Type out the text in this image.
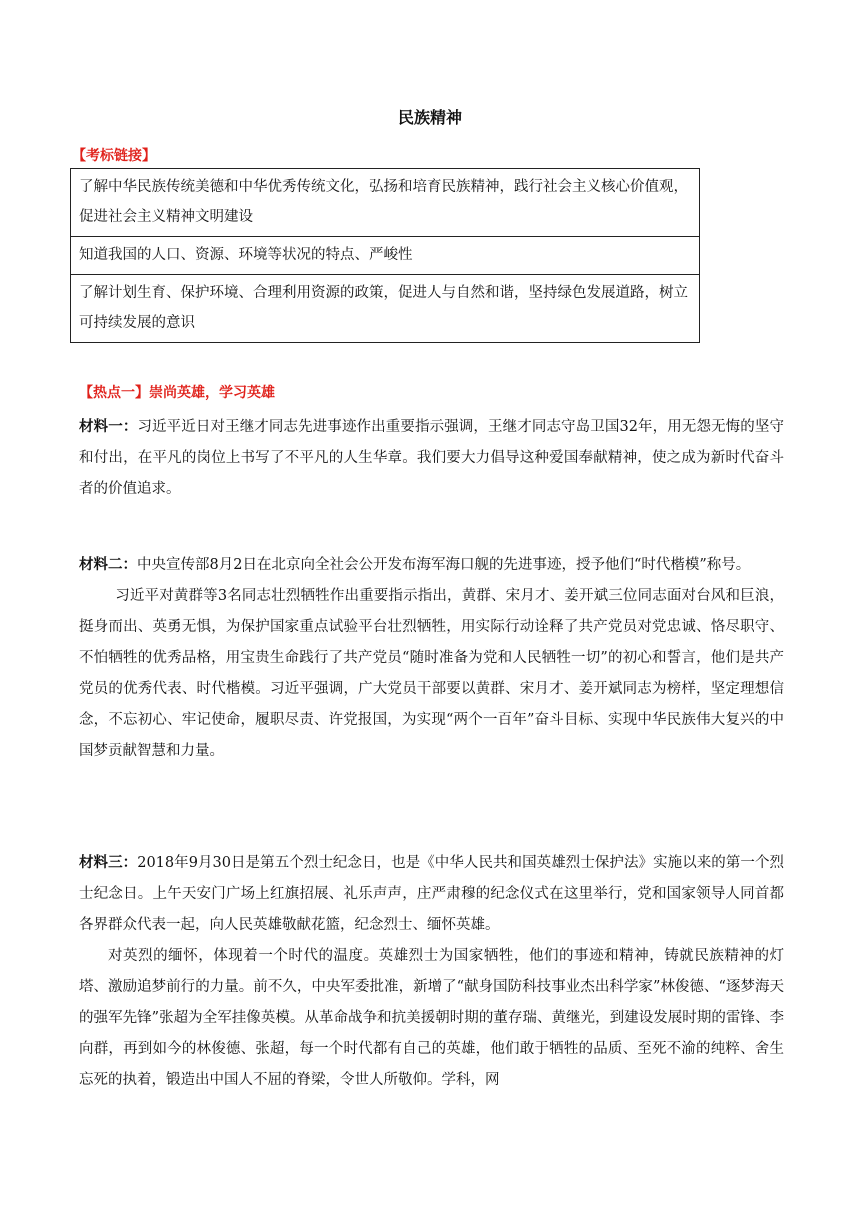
民族精神
【考标链接】
了解中华民族传统美德和中华优秀传统文化，弘扬和培育民族精神，践行社会主义核心价值观，促进社会主义精神文明建设
知道我国的人口、资源、环境等状况的特点、严峻性
了解计划生育、保护环境、合理利用资源的政策，促进人与自然和谐，坚持绿色发展道路，树立可持续发展的意识
【热点一】崇尚英雄，学习英雄

材料一：习近平近日对王继才同志先进事迹作出重要指示强调，王继才同志守岛卫国32年，用无怨无悔的坚守和付出，在平凡的岗位上书写了不平凡的人生华章。我们要大力倡导这种爱国奉献精神，使之成为新时代奋斗者的价值追求。

材料二：中央宣传部8月2日在北京向全社会公开发布海军海口舰的先进事迹，授予他们“时代楷模”称号。

习近平对黄群等3名同志壮烈牺牲作出重要指示指出，黄群、宋月才、姜开斌三位同志面对台风和巨浪，挺身而出、英勇无惧，为保护国家重点试验平台壮烈牺牲，用实际行动诠释了共产党员对党忠诚、恪尽职守、不怕牺牲的优秀品格，用宝贵生命践行了共产党员“随时准备为党和人民牺牲一切”的初心和誓言，他们是共产党员的优秀代表、时代楷模。习近平强调，广大党员干部要以黄群、宋月才、姜开斌同志为榜样，坚定理想信念，不忘初心、牢记使命，履职尽责、许党报国，为实现“两个一百年”奋斗目标、实现中华民族伟大复兴的中国梦贡献智慧和力量。

材料三：2018年9月30日是第五个烈士纪念日，也是《中华人民共和国英雄烈士保护法》实施以来的第一个烈士纪念日。上午天安门广场上红旗招展、礼乐声声，庄严肃穆的纪念仪式在这里举行，党和国家领导人同首都各界群众代表一起，向人民英雄敬献花篮，纪念烈士、缅怀英雄。

对英烈的缅怀，体现着一个时代的温度。英雄烈士为国家牺牲，他们的事迹和精神，铸就民族精神的灯塔、激励追梦前行的力量。前不久，中央军委批准，新增了“献身国防科技事业杰出科学家”林俊德、“逐梦海天的强军先锋”张超为全军挂像英模。从革命战争和抗美援朝时期的董存瑞、黄继光，到建设发展时期的雷锋、李向群，再到如今的林俊德、张超，每一个时代都有自己的英雄，他们敢于牺牲的品质、至死不渝的纯粹、舍生忘死的执着，锻造出中国人不屈的脊梁，令世人所敬仰。学科，网
